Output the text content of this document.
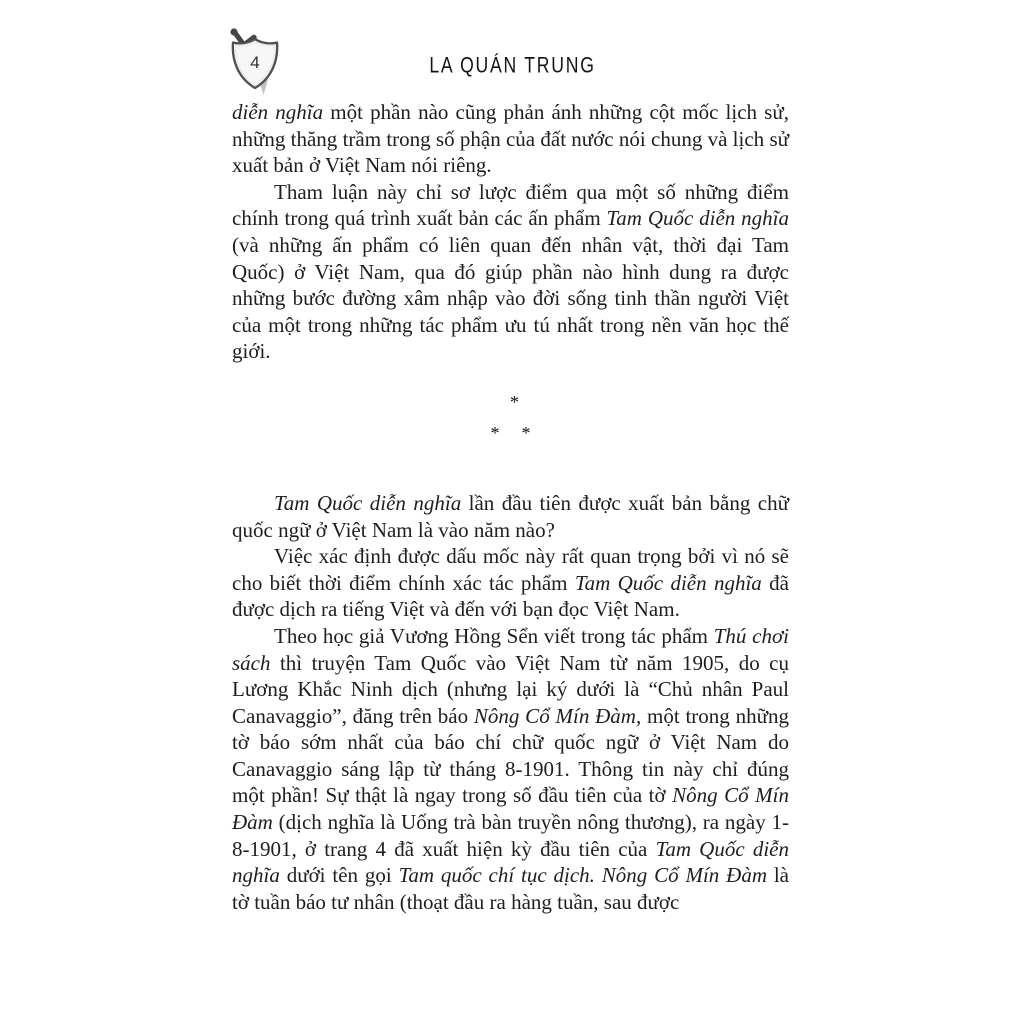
4	LA QUÁN TRUNG

diễn nghĩa một phần nào cũng phản ánh những cột mốc lịch sử, những thăng trầm trong số phận của đất nước nói chung và lịch sử xuất bản ở Việt Nam nói riêng.

Tham luận này chỉ sơ lược điểm qua một số những điểm chính trong quá trình xuất bản các ấn phẩm Tam Quốc diễn nghĩa (và những ấn phẩm có liên quan đến nhân vật, thời đại Tam Quốc) ở Việt Nam, qua đó giúp phần nào hình dung ra được những bước đường xâm nhập vào đời sống tinh thần người Việt của một trong những tác phẩm ưu tú nhất trong nền văn học thế giới.

*
* *

Tam Quốc diễn nghĩa lần đầu tiên được xuất bản bằng chữ quốc ngữ ở Việt Nam là vào năm nào?

Việc xác định được dấu mốc này rất quan trọng bởi vì nó sẽ cho biết thời điểm chính xác tác phẩm Tam Quốc diễn nghĩa đã được dịch ra tiếng Việt và đến với bạn đọc Việt Nam.

Theo học giả Vương Hồng Sển viết trong tác phẩm Thú chơi sách thì truyện Tam Quốc vào Việt Nam từ năm 1905, do cụ Lương Khắc Ninh dịch (nhưng lại ký dưới là “Chủ nhân Paul Canavaggio”, đăng trên báo Nông Cổ Mín Đàm, một trong những tờ báo sớm nhất của báo chí chữ quốc ngữ ở Việt Nam do Canavaggio sáng lập từ tháng 8-1901. Thông tin này chỉ đúng một phần! Sự thật là ngay trong số đầu tiên của tờ Nông Cổ Mín Đàm (dịch nghĩa là Uống trà bàn truyền nông thương), ra ngày 1-8-1901, ở trang 4 đã xuất hiện kỳ đầu tiên của Tam Quốc diễn nghĩa dưới tên gọi Tam quốc chí tục dịch. Nông Cổ Mín Đàm là tờ tuần báo tư nhân (thoạt đầu ra hàng tuần, sau được
